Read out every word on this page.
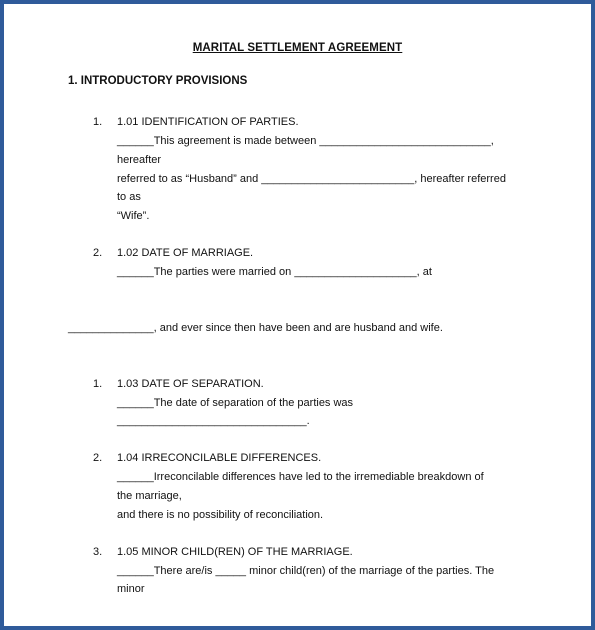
MARITAL SETTLEMENT AGREEMENT
1. INTRODUCTORY PROVISIONS
1. 1.01 IDENTIFICATION OF PARTIES.
______This agreement is made between ____________________________,
hereafter
referred to as “Husband” and _________________________, hereafter referred
to as
“Wife”.
2. 1.02 DATE OF MARRIAGE.
______The parties were married on ____________________, at
______________, and ever since then have been and are husband and wife.
1. 1.03 DATE OF SEPARATION.
______The date of separation of the parties was
_______________________________.
2. 1.04 IRRECONCILABLE DIFFERENCES.
______Irreconcilable differences have led to the irremediable breakdown of
the marriage,
and there is no possibility of reconciliation.
3. 1.05 MINOR CHILD(REN) OF THE MARRIAGE.
______There are/is _____ minor child(ren) of the marriage of the parties. The
minor
